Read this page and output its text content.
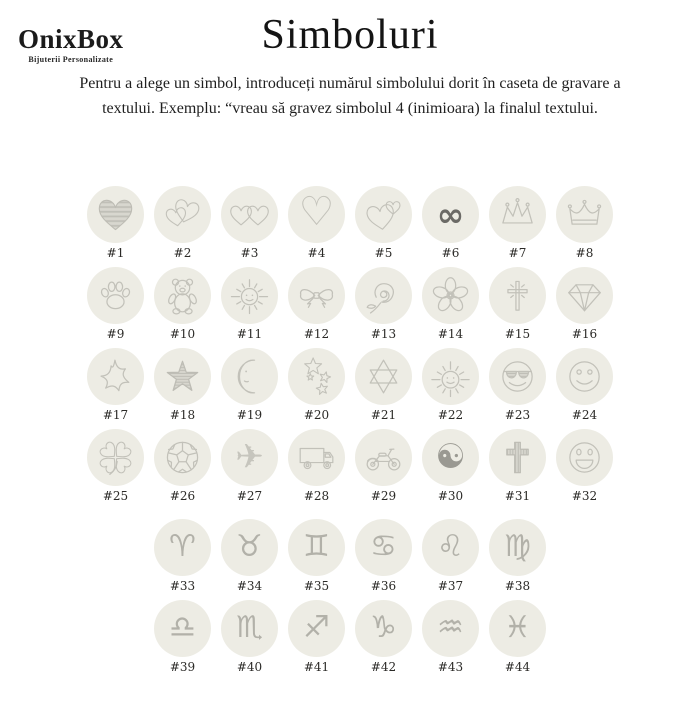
OnixBox
Bijuterii Personalizate
Simboluri
Pentru a alege un simbol, introduceți numărul simbolului dorit în caseta de gravare a
textului. Exemplu: “vreau să gravez simbolul 4 (inimioara) la finalul textului.
#1	#2	#3
♡
#4	#5
∞
#6	#7	#8
#9	#10	#11	#12	#13	#14	#15	#16
#17	#18	#19	#20	#21	#22	#23	#24
#25	#26
✈
#27	#28	#29
☯
#30	#31	#32
♈
#33
♉
#34
♊
#35
♋
#36
♌
#37
♍
#38
♎
#39
♏
#40
♐
#41
♑
#42
♒
#43
♓
#44
